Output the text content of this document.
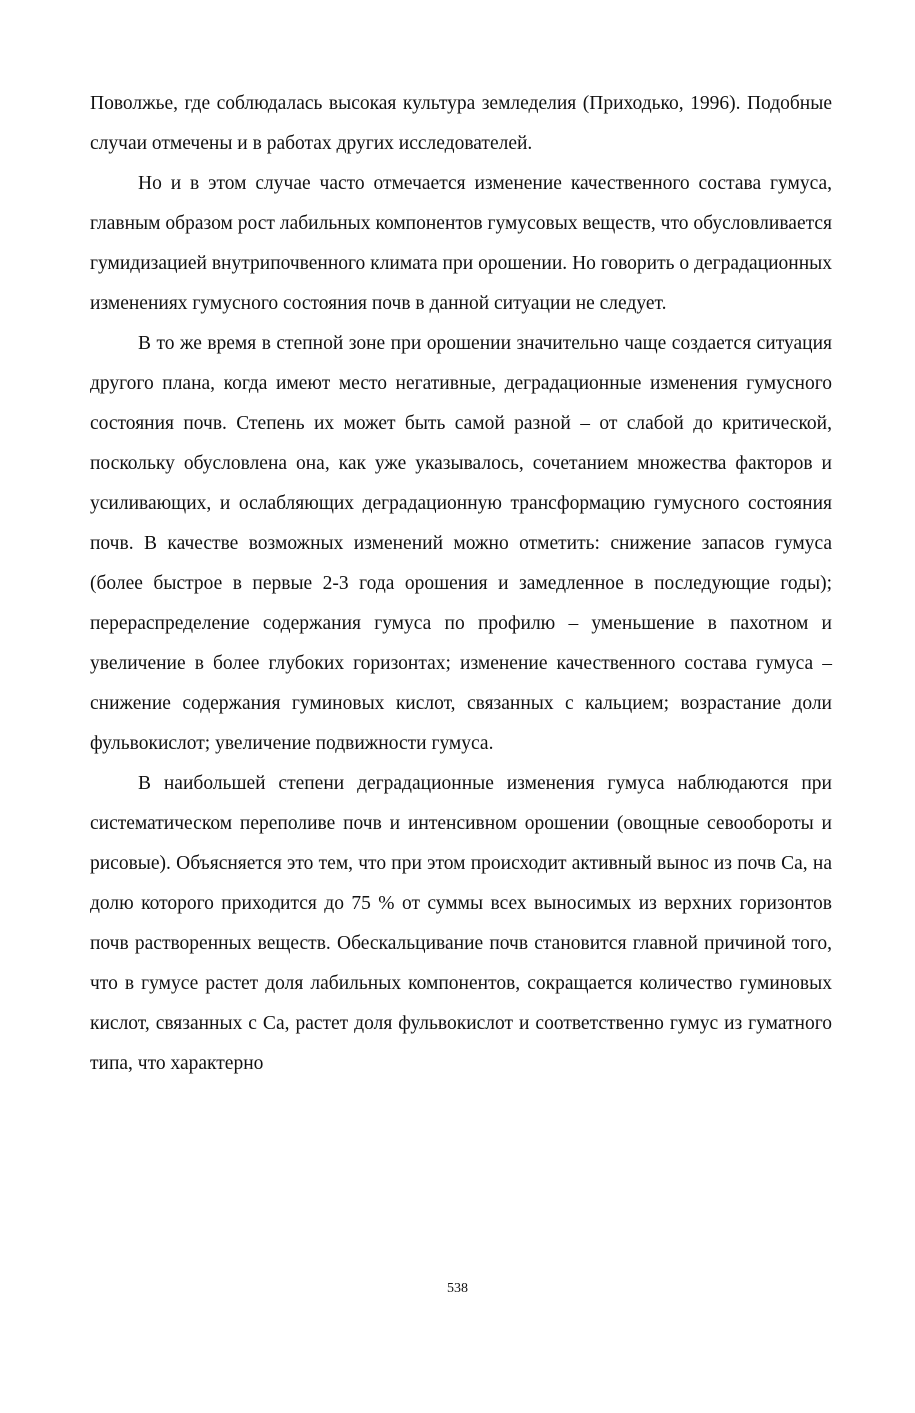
Поволжье, где соблюдалась высокая культура земледелия (Приходько, 1996). Подобные случаи отмечены и в работах других исследователей.

Но и в этом случае часто отмечается изменение качественного состава гумуса, главным образом рост лабильных компонентов гумусовых веществ, что обусловливается гумидизацией внутрипочвенного климата при орошении. Но говорить о деградационных изменениях гумусного состояния почв в данной ситуации не следует.

В то же время в степной зоне при орошении значительно чаще создается ситуация другого плана, когда имеют место негативные, деградационные изменения гумусного состояния почв. Степень их может быть самой разной – от слабой до критической, поскольку обусловлена она, как уже указывалось, сочетанием множества факторов и усиливающих, и ослабляющих деградационную трансформацию гумусного состояния почв. В качестве возможных изменений можно отметить: снижение запасов гумуса (более быстрое в первые 2-3 года орошения и замедленное в последующие годы); перераспределение содержания гумуса по профилю – уменьшение в пахотном и увеличение в более глубоких горизонтах; изменение качественного состава гумуса – снижение содержания гуминовых кислот, связанных с кальцием; возрастание доли фульвокислот; увеличение подвижности гумуса.

В наибольшей степени деградационные изменения гумуса наблюдаются при систематическом переполиве почв и интенсивном орошении (овощные севообороты и рисовые). Объясняется это тем, что при этом происходит активный вынос из почв Са, на долю которого приходится до 75 % от суммы всех выносимых из верхних горизонтов почв растворенных веществ. Обескальцивание почв становится главной причиной того, что в гумусе растет доля лабильных компонентов, сокращается количество гуминовых кислот, связанных с Са, растет доля фульвокислот и соответственно гумус из гуматного типа, что характерно

538
